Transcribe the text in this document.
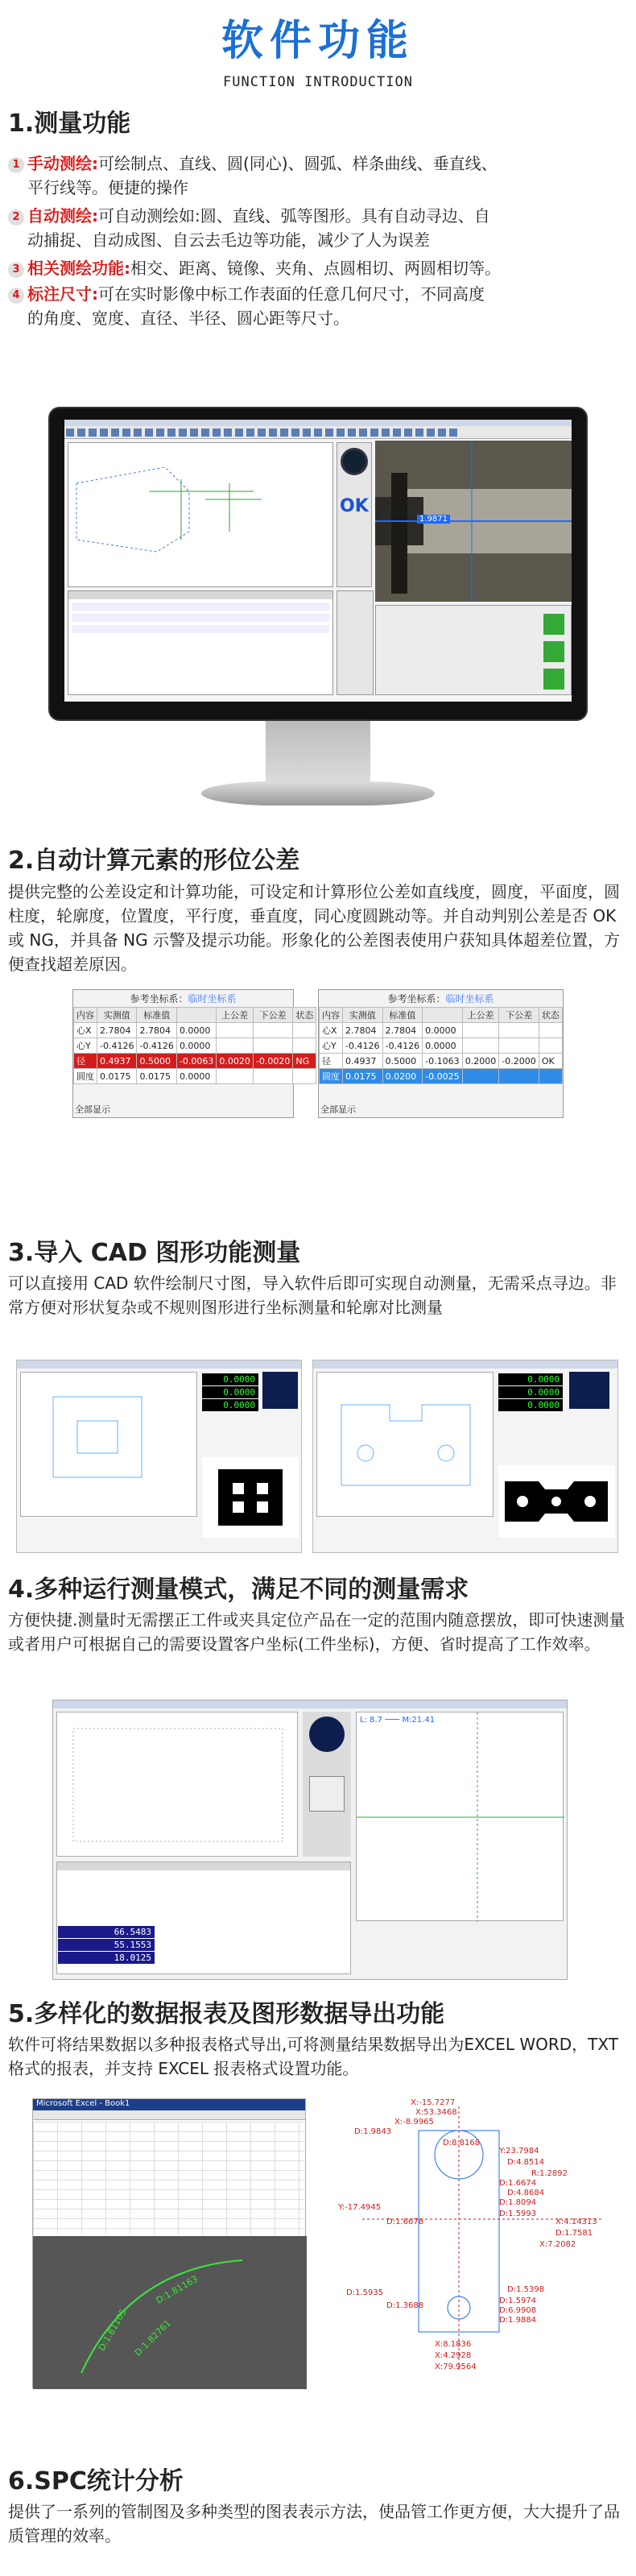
软件功能
FUNCTION INTRODUCTION
1.测量功能
1 手动测绘:可绘制点、直线、圆(同心)、圆弧、样条曲线、垂直线、
平行线等。便捷的操作
2 自动测绘:可自动测绘如:圆、直线、弧等图形。具有自动寻边、自
动捕捉、自动成图、自云去毛边等功能，减少了人为误差
3 相关测绘功能:相交、距离、镜像、夹角、点圆相切、两圆相切等。
4 标注尺寸:可在实时影像中标工作表面的任意几何尺寸，不同高度
的角度、宽度、直径、半径、圆心距等尺寸。
1.9871
OK
2.自动计算元素的形位公差
提供完整的公差设定和计算功能，可设定和计算形位公差如直线度，圆度，平面度，圆柱度，轮廓度，位置度，平行度，垂直度，同心度圆跳动等。并自动判别公差是否 OK 或 NG，并具备 NG 示警及提示功能。形象化的公差图表使用户获知具体超差位置，方便查找超差原因。
参考坐标系：临时坐标系
内容	实测值	标准值		上公差	下公差	状态
心X	2.7804	2.7804	0.0000			
心Y	-0.4126	-0.4126	0.0000			
径	0.4937	0.5000	-0.0063	0.0020	-0.0020	NG
圆度	0.0175	0.0175	0.0000			
全部显示
参考坐标系：临时坐标系
内容	实测值	标准值		上公差	下公差	状态
心X	2.7804	2.7804	0.0000			
心Y	-0.4126	-0.4126	0.0000			
径	0.4937	0.5000	-0.1063	0.2000	-0.2000	OK
圆度	0.0175	0.0200	-0.0025			
全部显示
3.导入 CAD 图形功能测量
可以直接用 CAD 软件绘制尺寸图，导入软件后即可实现自动测量，无需采点寻边。非常方便对形状复杂或不规则图形进行坐标测量和轮廓对比测量
0.0000
0.0000
0.0000
0.0000
0.0000
0.0000
4.多种运行测量模式，满足不同的测量需求
方便快捷.测量时无需摆正工件或夹具定位产品在一定的范围内随意摆放，即可快速测量或者用户可根据自己的需要设置客户坐标(工件坐标)，方便、省时提高了工作效率。
L: 8.7 ─── M:21.41
66.5483
55.1553
18.0125
5.多样化的数据报表及图形数据导出功能
软件可将结果数据以多种报表格式导出,可将测量结果数据导出为EXCEL WORD，TXT 格式的报表，并支持 EXCEL 报表格式设置功能。
Microsoft Excel - Book1
D:1.81105
D:1.81163
D:1.82761
X:-15.7277
X:53.3468
X:-8.9965
D:1.9843
D:8.8168
Y:23.7984
D:4.8514
R:1.2892
D:1.6674
D:4.8684
D:1.8094
Y:-17.4945
D:1.5993
D:1.6678	X:4.14313
D:1.7581
X:7.2082
D:1.5935
D:1.3688
D:1.5974
D:6.9908
D:1.9884
D:1.5398
X:8.1836
X:4.2928
X:79.9564
6.SPC统计分析
提供了一系列的管制图及多种类型的图表表示方法，使品管工作更方便，大大提升了品质管理的效率。
